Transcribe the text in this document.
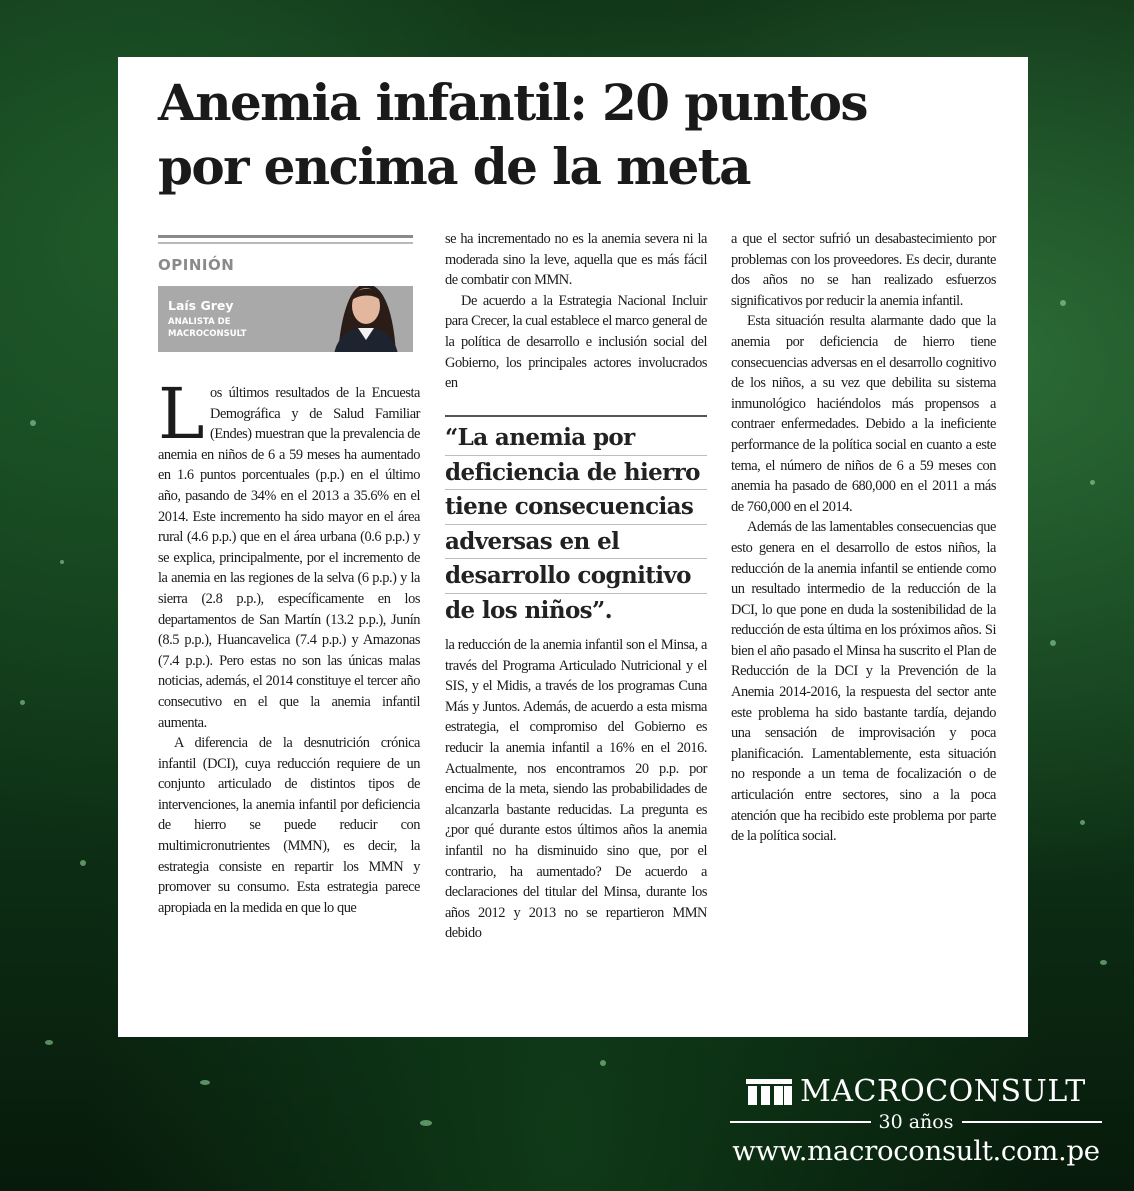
Anemia infantil: 20 puntos
por encima de la meta
OPINIÓN
Laís Grey
ANALISTA DE MACROCONSULT

Los últimos resultados de la Encuesta Demográfica y de Salud Familiar (Endes) muestran que la prevalencia de anemia en niños de 6 a 59 meses ha aumentado en 1.6 puntos porcentuales (p.p.) en el último año, pasando de 34% en el 2013 a 35.6% en el 2014. Este incremento ha sido mayor en el área rural (4.6 p.p.) que en el área urbana (0.6 p.p.) y se explica, principalmente, por el incremento de la anemia en las regiones de la selva (6 p.p.) y la sierra (2.8 p.p.), específicamente en los departamentos de San Martín (13.2 p.p.), Junín (8.5 p.p.), Huancavelica (7.4 p.p.) y Amazonas (7.4 p.p.). Pero estas no son las únicas malas noticias, además, el 2014 constituye el tercer año consecutivo en el que la anemia infantil aumenta.

A diferencia de la desnutrición crónica infantil (DCI), cuya reducción requiere de un conjunto articulado de distintos tipos de intervenciones, la anemia infantil por deficiencia de hierro se puede reducir con multimicronutrientes (MMN), es decir, la estrategia consiste en repartir los MMN y promover su consumo. Esta estrategia parece apropiada en la medida en que lo que

se ha incrementado no es la anemia severa ni la moderada sino la leve, aquella que es más fácil de combatir con MMN.

De acuerdo a la Estrategia Nacional Incluir para Crecer, la cual establece el marco general de la política de desarrollo e inclusión social del Gobierno, los principales actores involucrados en

“La anemia por
deficiencia de hierro
tiene consecuencias
adversas en el
desarrollo cognitivo
de los niños”.

la reducción de la anemia infantil son el Minsa, a través del Programa Articulado Nutricional y el SIS, y el Midis, a través de los programas Cuna Más y Juntos. Además, de acuerdo a esta misma estrategia, el compromiso del Gobierno es reducir la anemia infantil a 16% en el 2016. Actualmente, nos encontramos 20 p.p. por encima de la meta, siendo las probabilidades de alcanzarla bastante reducidas. La pregunta es ¿por qué durante estos últimos años la anemia infantil no ha disminuido sino que, por el contrario, ha aumentado? De acuerdo a declaraciones del titular del Minsa, durante los años 2012 y 2013 no se repartieron MMN debido

a que el sector sufrió un desabastecimiento por problemas con los proveedores. Es decir, durante dos años no se han realizado esfuerzos significativos por reducir la anemia infantil.

Esta situación resulta alarmante dado que la anemia por deficiencia de hierro tiene consecuencias adversas en el desarrollo cognitivo de los niños, a su vez que debilita su sistema inmunológico haciéndolos más propensos a contraer enfermedades. Debido a la ineficiente performance de la política social en cuanto a este tema, el número de niños de 6 a 59 meses con anemia ha pasado de 680,000 en el 2011 a más de 760,000 en el 2014.

Además de las lamentables consecuencias que esto genera en el desarrollo de estos niños, la reducción de la anemia infantil se entiende como un resultado intermedio de la reducción de la DCI, lo que pone en duda la sostenibilidad de la reducción de esta última en los próximos años. Si bien el año pasado el Minsa ha suscrito el Plan de Reducción de la DCI y la Prevención de la Anemia 2014-2016, la respuesta del sector ante este problema ha sido bastante tardía, dejando una sensación de improvisación y poca planificación. Lamentablemente, esta situación no responde a un tema de focalización o de articulación entre sectores, sino a la poca atención que ha recibido este problema por parte de la política social.

MACROCONSULT
30 años
www.macroconsult.com.pe
